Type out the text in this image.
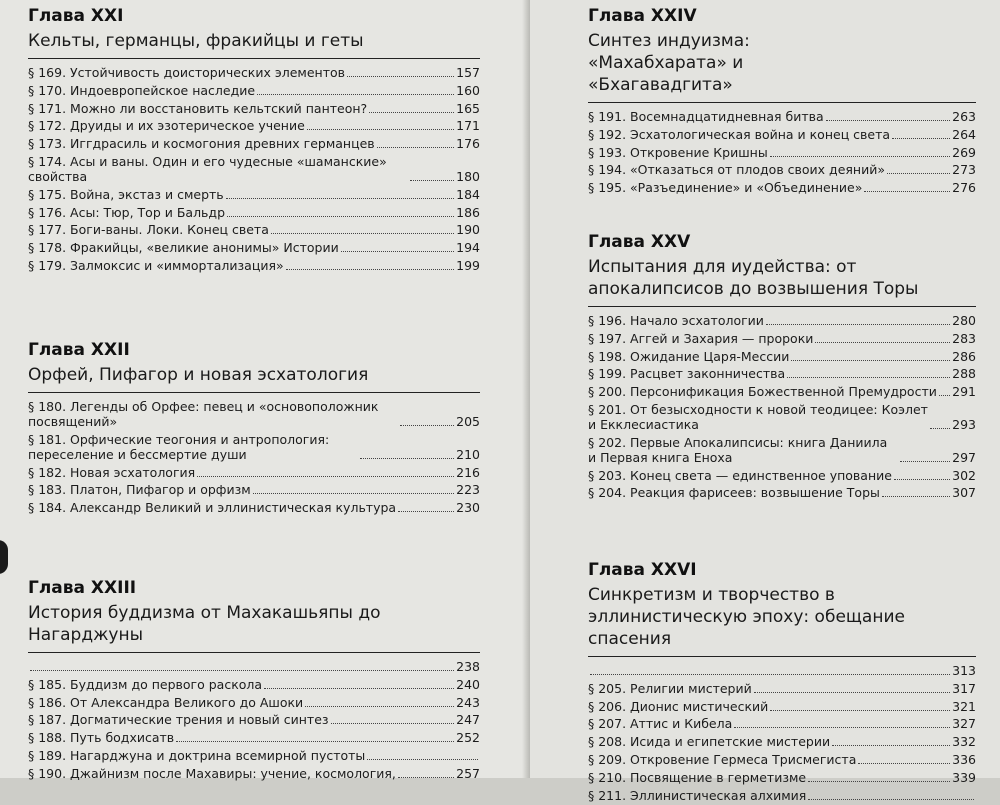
Глава XXI
Кельты, германцы, фракийцы и геты
§ 169. Устойчивость доисторических элементов	157
§ 170. Индоевропейское наследие	160
§ 171. Можно ли восстановить кельтский пантеон?	165
§ 172. Друиды и их эзотерическое учение	171
§ 173. Иггдрасиль и космогония древних германцев	176
§ 174. Асы и ваны. Один и его чудесные «шаманские» свойства	180
§ 175. Война, экстаз и смерть	184
§ 176. Асы: Тюр, Тор и Бальдр	186
§ 177. Боги-ваны. Локи. Конец света	190
§ 178. Фракийцы, «великие анонимы» Истории	194
§ 179. Залмоксис и «иммортализация»	199
Глава XXII
Орфей, Пифагор и новая эсхатология
§ 180. Легенды об Орфее: певец и «основоположник посвящений»	205
§ 181. Орфические теогония и антропология: переселение и бессмертие души	210
§ 182. Новая эсхатология	216
§ 183. Платон, Пифагор и орфизм	223
§ 184. Александр Великий и эллинистическая культура	230
Глава XXIII
История буддизма от Махакашьяпы до Нагарджуны
238
§ 185. Буддизм до первого раскола	240
§ 186. От Александра Великого до Ашоки	243
§ 187. Догматические трения и новый синтез	247
§ 188. Путь бодхисатв	252
§ 189. Нагарджуна и доктрина всемирной пустоты
§ 190. Джайнизм после Махавиры: учение, космология,	257
Глава XXIV
Синтез индуизма: «Махабхарата» и «Бхагавадгита»
§ 191. Восемнадцатидневная битва	263
§ 192. Эсхатологическая война и конец света	264
§ 193. Откровение Кришны	269
§ 194. «Отказаться от плодов своих деяний»	273
§ 195. «Разъединение» и «Объединение»	276
Глава XXV
Испытания для иудейства: от апокалипсисов до возвышения Торы
§ 196. Начало эсхатологии	280
§ 197. Аггей и Захария — пророки	283
§ 198. Ожидание Царя-Мессии	286
§ 199. Расцвет законничества	288
§ 200. Персонификация Божественной Премудрости 291
§ 201. От безысходности к новой теодицее: Коэлет и Екклесиастика	293
§ 202. Первые Апокалипсисы: книга Даниила и Первая книга Еноха	297
§ 203. Конец света — единственное упование	302
§ 204. Реакция фарисеев: возвышение Торы	307
Глава XXVI
Синкретизм и творчество в эллинистическую эпоху: обещание спасения
313
§ 205. Религии мистерий	317
§ 206. Дионис мистический	321
§ 207. Аттис и Кибела	327
§ 208. Исида и египетские мистерии	332
§ 209. Откровение Гермеса Трисмегиста	336
§ 210. Посвящение в герметизме	339
§ 211. Эллинистическая алхимия
